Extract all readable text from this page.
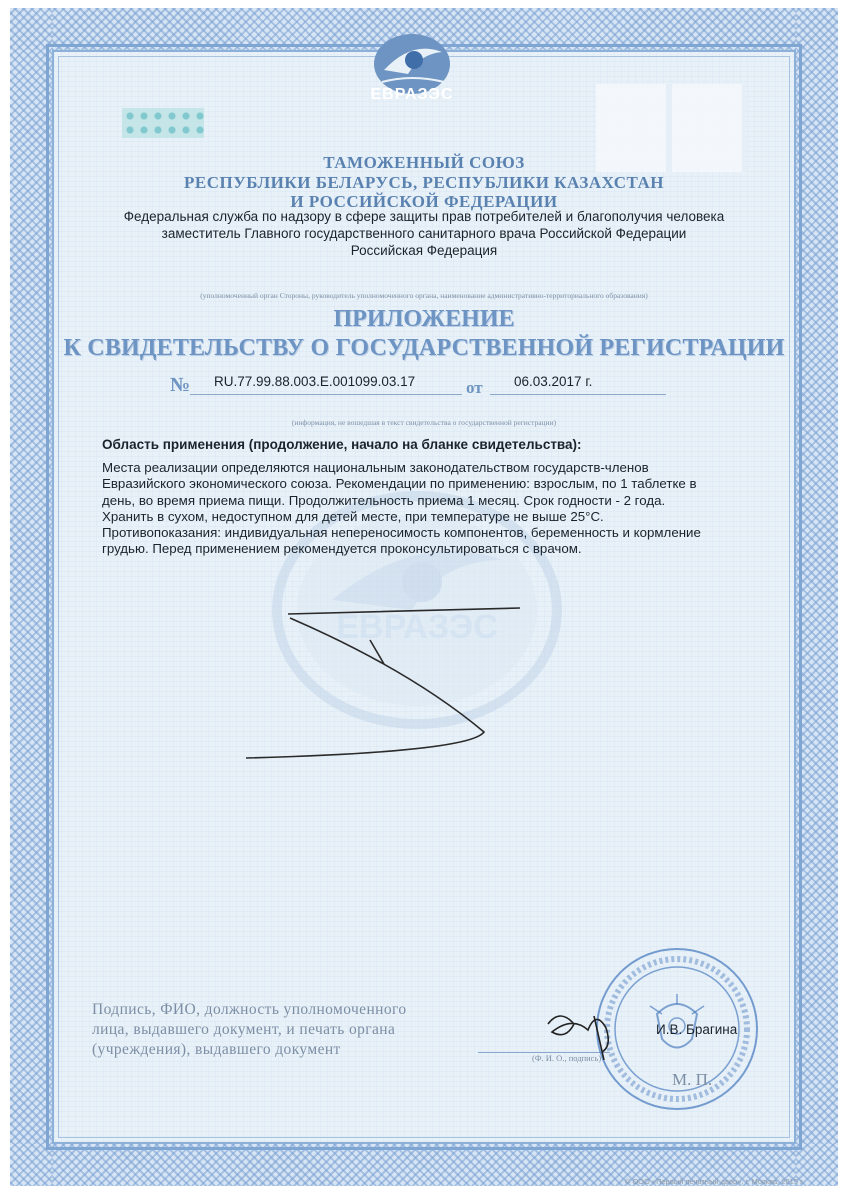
ЕВРАЗЭС
ЕВРАЗЭС
ТАМОЖЕННЫЙ СОЮЗ
РЕСПУБЛИКИ БЕЛАРУСЬ, РЕСПУБЛИКИ КАЗАХСТАН
И РОССИЙСКОЙ ФЕДЕРАЦИИ
Федеральная служба по надзору в сфере защиты прав потребителей и благополучия человека
заместитель Главного государственного санитарного врача Российской Федерации
Российская Федерация
(уполномоченный орган Стороны, руководитель уполномоченного органа, наименование административно-территориального образования)
ПРИЛОЖЕНИЕ
К СВИДЕТЕЛЬСТВУ О ГОСУДАРСТВЕННОЙ РЕГИСТРАЦИИ
№ RU.77.99.88.003.E.001099.03.17	от 06.03.2017 г.
(информация, не вошедшая в текст свидетельства о государственной регистрации)
Область применения (продолжение, начало на бланке свидетельства):
Места реализации определяются национальным законодательством государств-членов
Евразийского экономического союза. Рекомендации по применению: взрослым, по 1 таблетке в
день, во время приема пищи. Продолжительность приема 1 месяц. Срок годности - 2 года.
Хранить в сухом, недоступном для детей месте, при температуре не выше 25°С.
Противопоказания: индивидуальная непереносимость компонентов, беременность и кормление
грудью. Перед применением рекомендуется проконсультироваться с врачом.
Подпись, ФИО, должность уполномоченного
лица, выдавшего документ, и печать органа
(учреждения), выдавшего документ	(Ф. И. О., подпись)
И.В. Брагина
М. П.
© ООО «Первый печатный двор», г. Москва, 2015 г.
